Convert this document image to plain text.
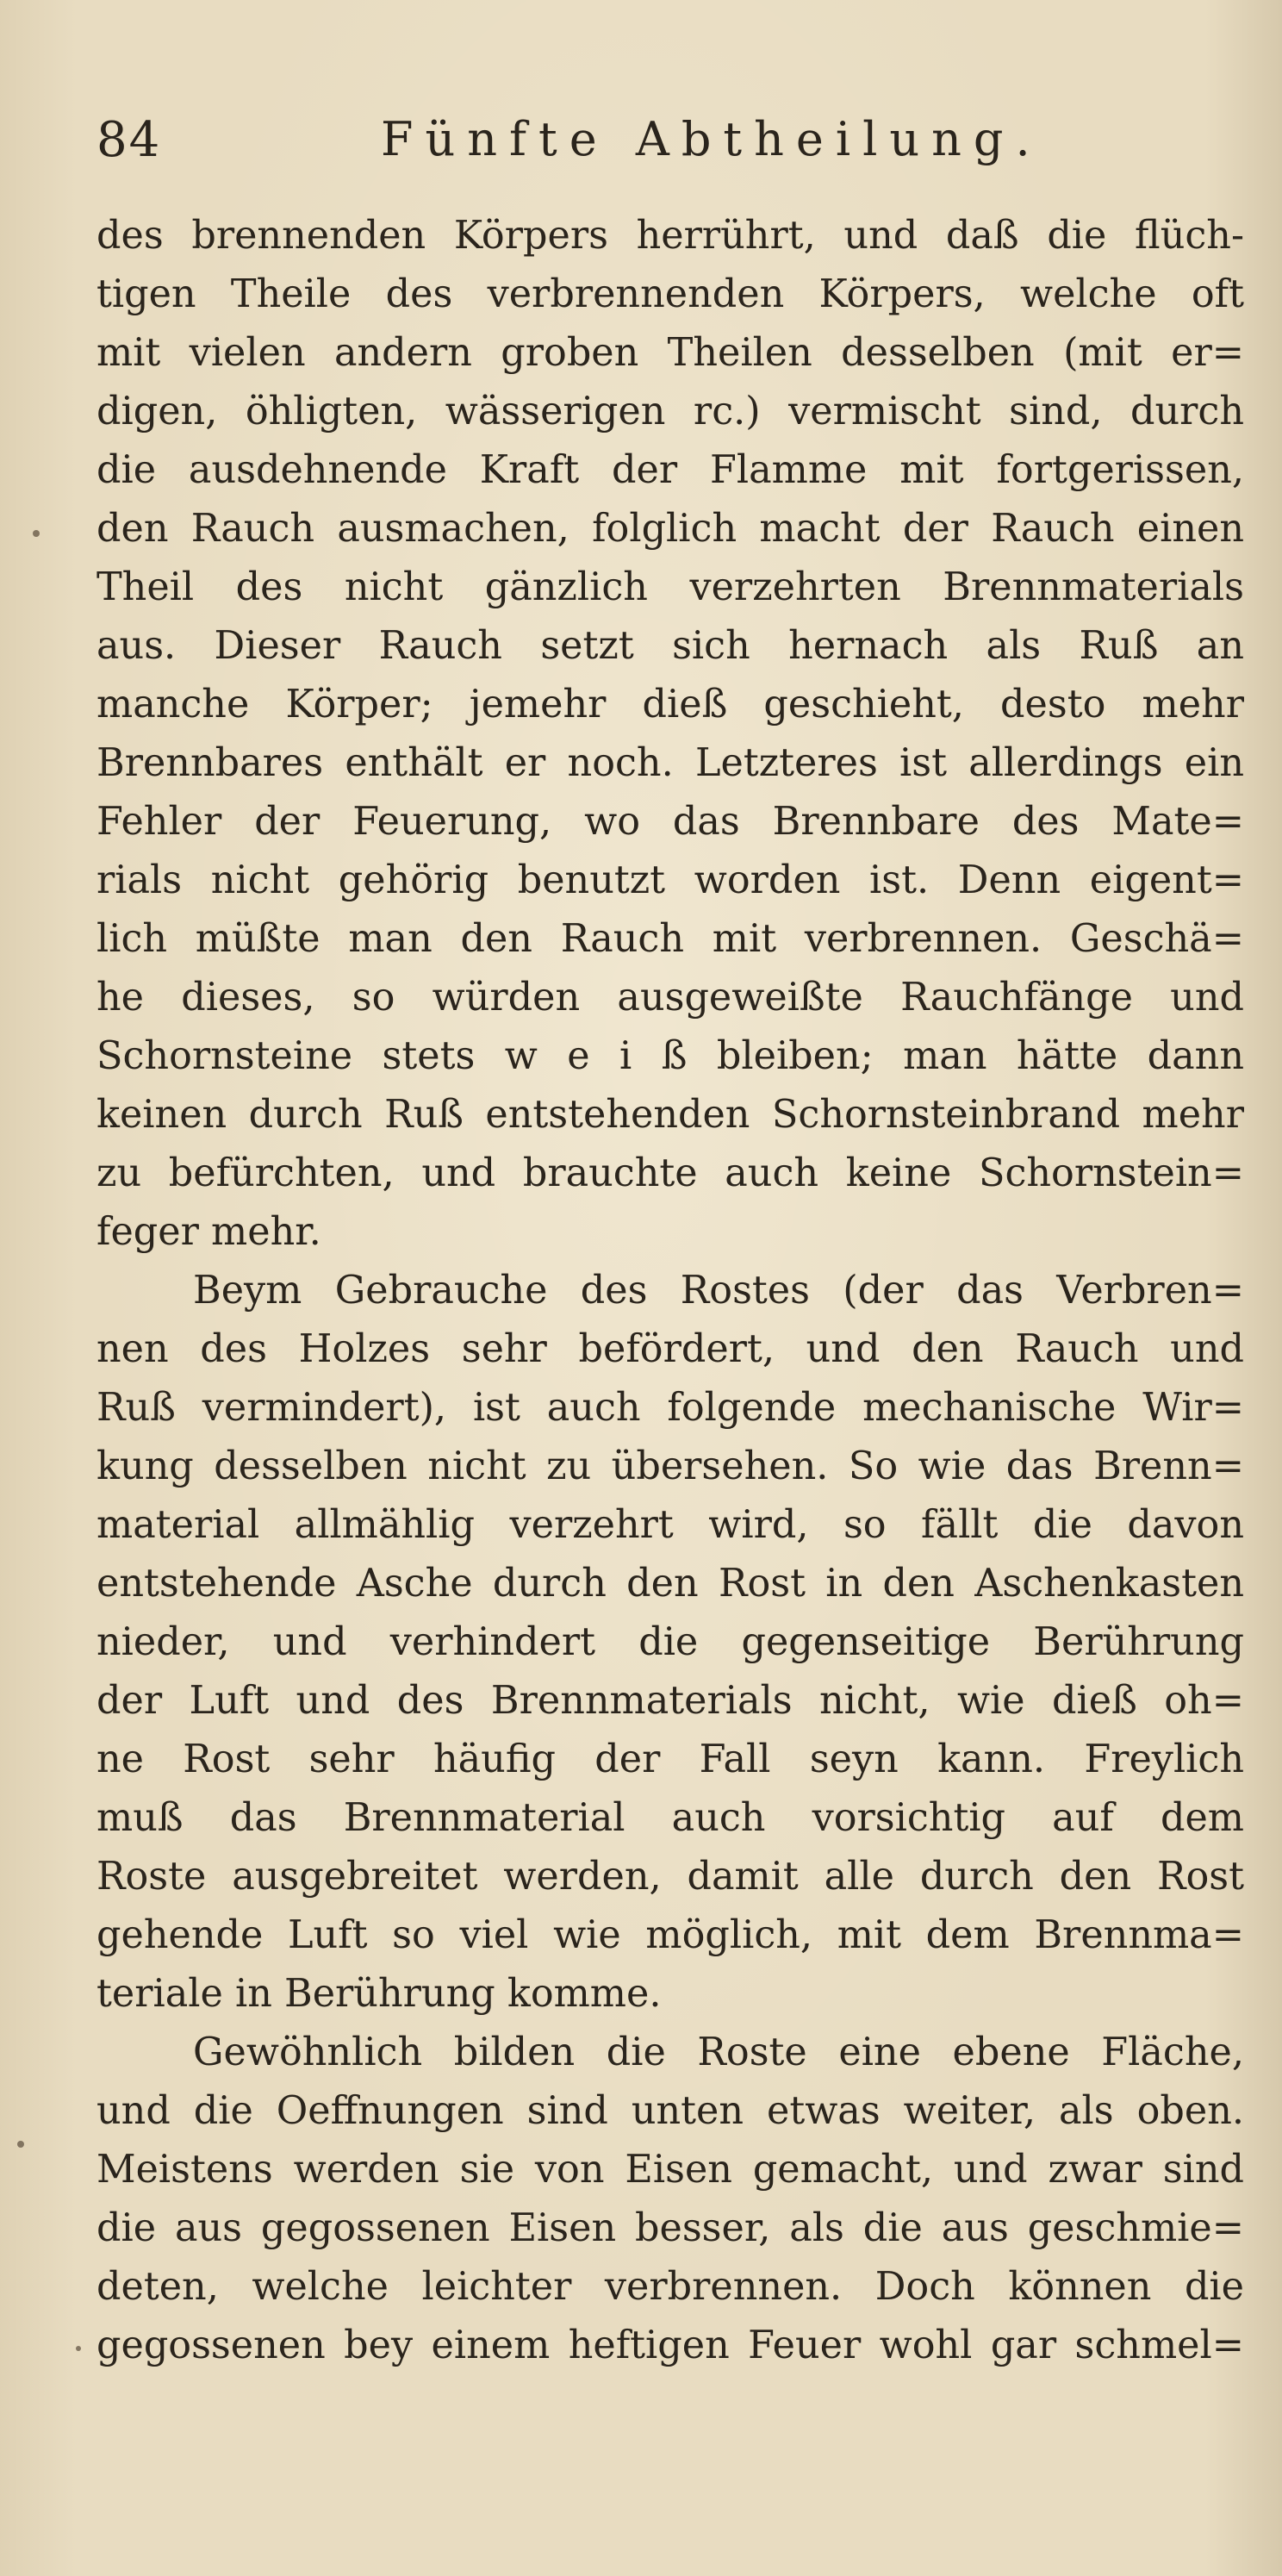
84	Fünfte Abtheilung.
des brennenden Körpers herrührt, und daß die flüch-
tigen Theile des verbrennenden Körpers, welche oft
mit vielen andern groben Theilen desselben (mit er=
digen, öhligten, wässerigen rc.) vermischt sind, durch
die ausdehnende Kraft der Flamme mit fortgerissen,
den Rauch ausmachen, folglich macht der Rauch einen
Theil des nicht gänzlich verzehrten Brennmaterials
aus. Dieser Rauch setzt sich hernach als Ruß an
manche Körper; jemehr dieß geschieht, desto mehr
Brennbares enthält er noch. Letzteres ist allerdings ein
Fehler der Feuerung, wo das Brennbare des Mate=
rials nicht gehörig benutzt worden ist. Denn eigent=
lich müßte man den Rauch mit verbrennen. Geschä=
he dieses, so würden ausgeweißte Rauchfänge und
Schornsteine stets w e i ß bleiben; man hätte dann
keinen durch Ruß entstehenden Schornsteinbrand mehr
zu befürchten, und brauchte auch keine Schornstein=
feger mehr.
Beym Gebrauche des Rostes (der das Verbren=
nen des Holzes sehr befördert, und den Rauch und
Ruß vermindert), ist auch folgende mechanische Wir=
kung desselben nicht zu übersehen. So wie das Brenn=
material allmählig verzehrt wird, so fällt die davon
entstehende Asche durch den Rost in den Aschenkasten
nieder, und verhindert die gegenseitige Berührung
der Luft und des Brennmaterials nicht, wie dieß oh=
ne Rost sehr häufig der Fall seyn kann. Freylich
muß das Brennmaterial auch vorsichtig auf dem
Roste ausgebreitet werden, damit alle durch den Rost
gehende Luft so viel wie möglich, mit dem Brennma=
teriale in Berührung komme.
Gewöhnlich bilden die Roste eine ebene Fläche,
und die Oeffnungen sind unten etwas weiter, als oben.
Meistens werden sie von Eisen gemacht, und zwar sind
die aus gegossenen Eisen besser, als die aus geschmie=
deten, welche leichter verbrennen. Doch können die
gegossenen bey einem heftigen Feuer wohl gar schmel=
